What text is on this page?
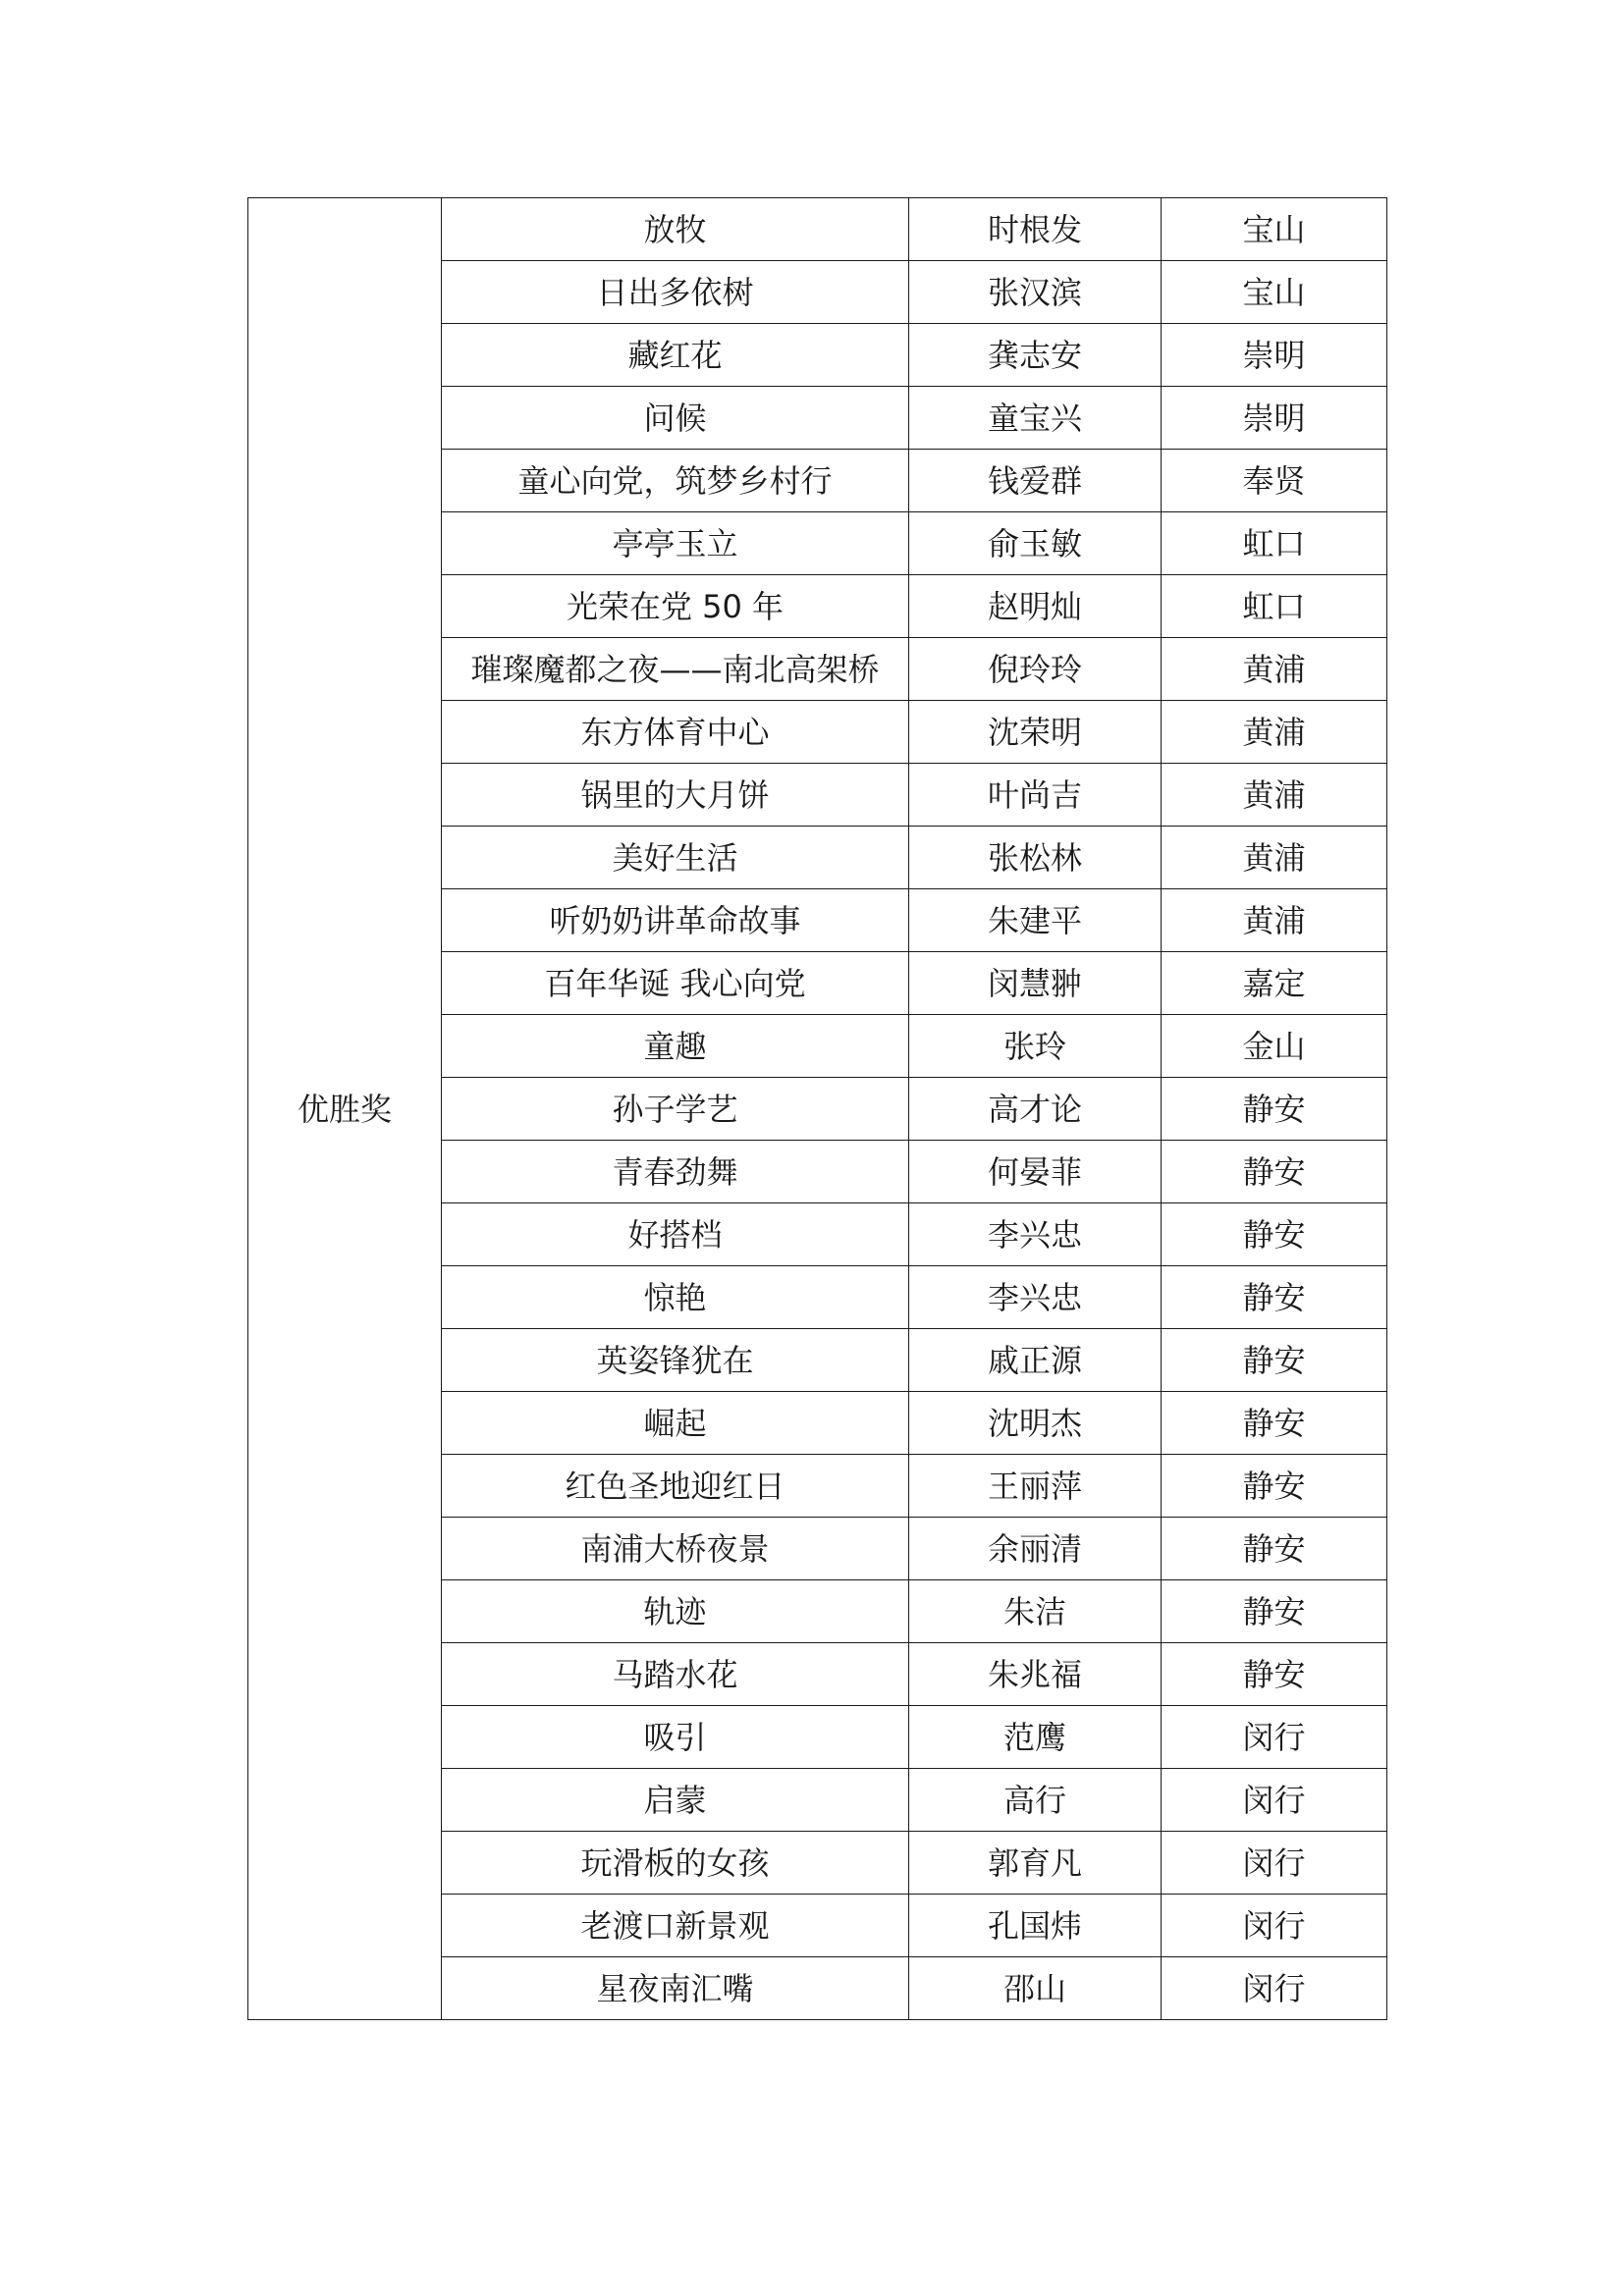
优胜奖	放牧	时根发	宝山
	日出多依树	张汉滨	宝山
	藏红花	龚志安	崇明
	问候	童宝兴	崇明
	童心向党，筑梦乡村行	钱爱群	奉贤
	亭亭玉立	俞玉敏	虹口
	光荣在党 50 年	赵明灿	虹口
	璀璨魔都之夜——南北高架桥	倪玲玲	黄浦
	东方体育中心	沈荣明	黄浦
	锅里的大月饼	叶尚吉	黄浦
	美好生活	张松林	黄浦
	听奶奶讲革命故事	朱建平	黄浦
	百年华诞 我心向党	闵慧翀	嘉定
	童趣	张玲	金山
	孙子学艺	高才论	静安
	青春劲舞	何晏菲	静安
	好搭档	李兴忠	静安
	惊艳	李兴忠	静安
	英姿锋犹在	戚正源	静安
	崛起	沈明杰	静安
	红色圣地迎红日	王丽萍	静安
	南浦大桥夜景	余丽清	静安
	轨迹	朱洁	静安
	马踏水花	朱兆福	静安
	吸引	范鹰	闵行
	启蒙	高行	闵行
	玩滑板的女孩	郭育凡	闵行
	老渡口新景观	孔国炜	闵行
	星夜南汇嘴	邵山	闵行
